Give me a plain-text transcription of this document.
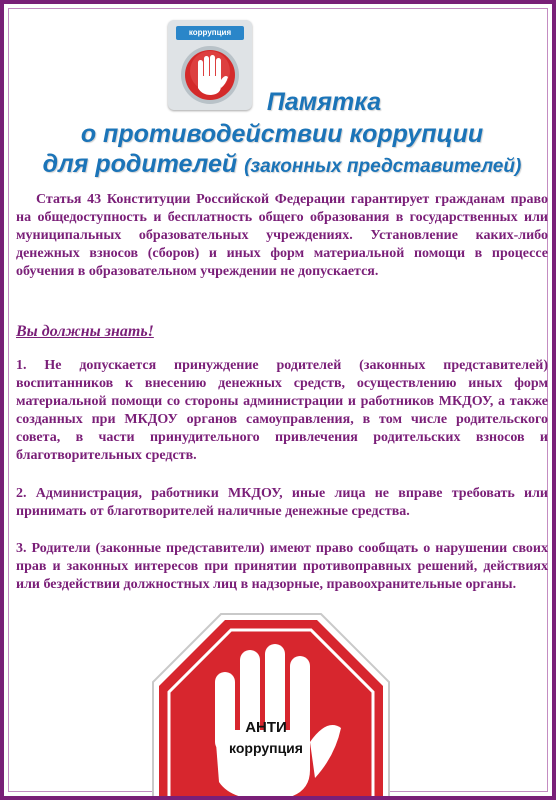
коррупция

Памятка

о противодействии коррупции

для родителей (законных представителей)

Статья 43 Конституции Российской Федерации гарантирует гражданам право на общедоступность и бесплатность общего образования в государственных или муниципальных образовательных учреждениях. Установление каких-либо денежных взносов (сборов) и иных форм материальной помощи в процессе обучения в образовательном учреждении не допускается.

Вы должны знать!

1. Не допускается принуждение родителей (законных представителей) воспитанников к внесению денежных средств, осуществлению иных форм материальной помощи со стороны администрации и работников МКДОУ, а также созданных при МКДОУ органов самоуправления, в том числе родительского совета, в части принудительного привлечения родительских взносов и благотворительных средств.

2. Администрация, работники МКДОУ, иные лица не вправе требовать или принимать от благотворителей наличные денежные средства.

3. Родители (законные представители) имеют право сообщать о нарушении своих прав и законных интересов при принятии противоправных решений, действиях или бездействии должностных лиц в надзорные, правоохранительные органы.

АНТИ
коррупция
